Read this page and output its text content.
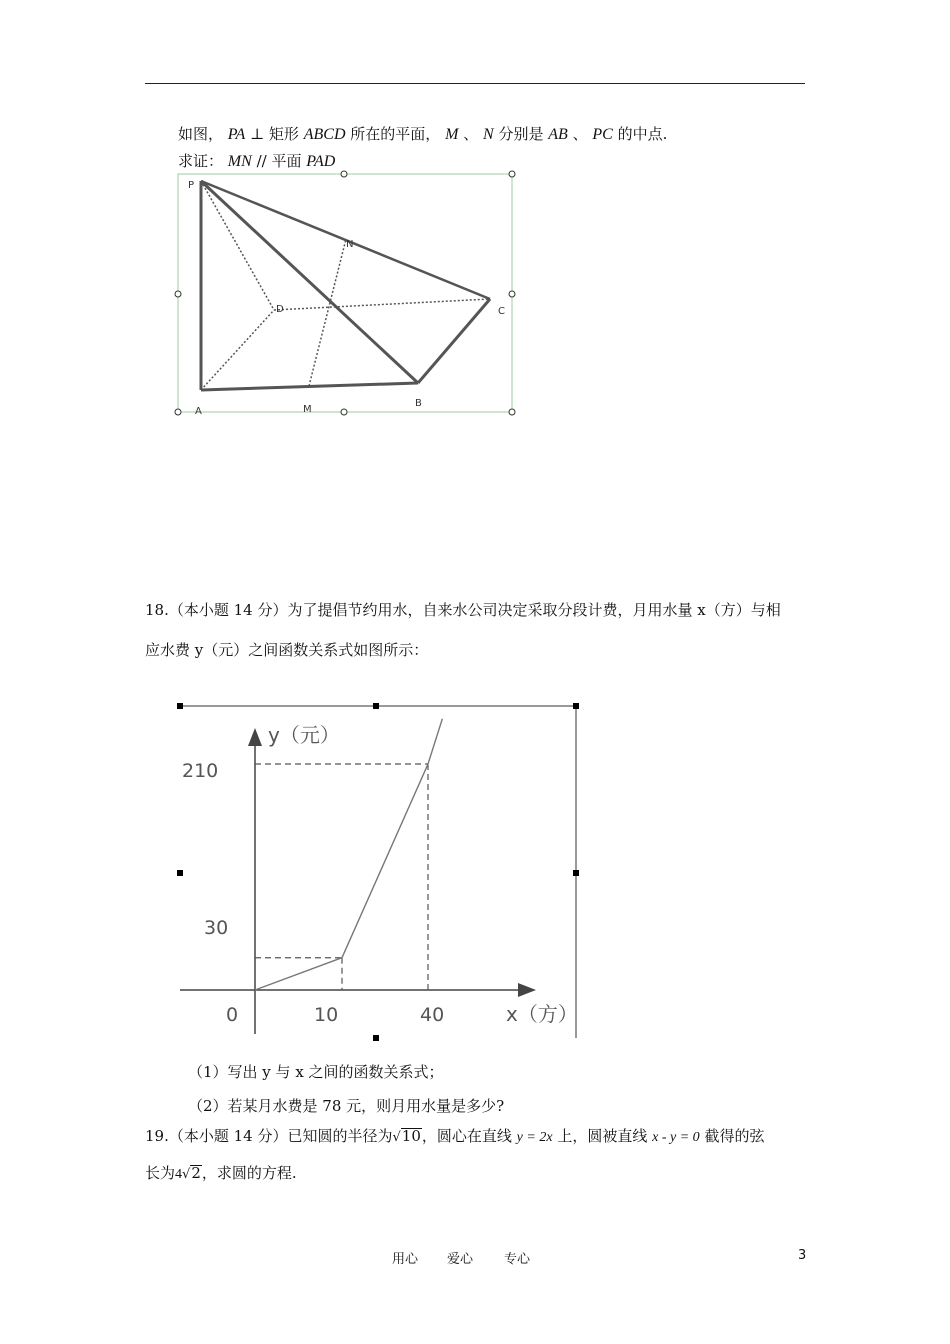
如图， PA ⊥ 矩形 ABCD 所在的平面， M 、 N 分别是 AB 、 PC 的中点.
求证： MN // 平面 PAD
P
N
D	C
A	M
B
18.（本小题 14 分）为了提倡节约用水，自来水公司决定采取分段计费，月用水量 x（方）与相
应水费 y（元）之间函数关系式如图所示：
y（元）
x（方）
210
30
0	10	40
（1）写出 y 与 x 之间的函数关系式；
（2）若某月水费是 78 元，则月用水量是多少?
19.（本小题 14 分）已知圆的半径为√10，圆心在直线 y = 2x 上，圆被直线 x - y = 0 截得的弦
长为4√2，求圆的方程.
用心 爱心 专心	3
